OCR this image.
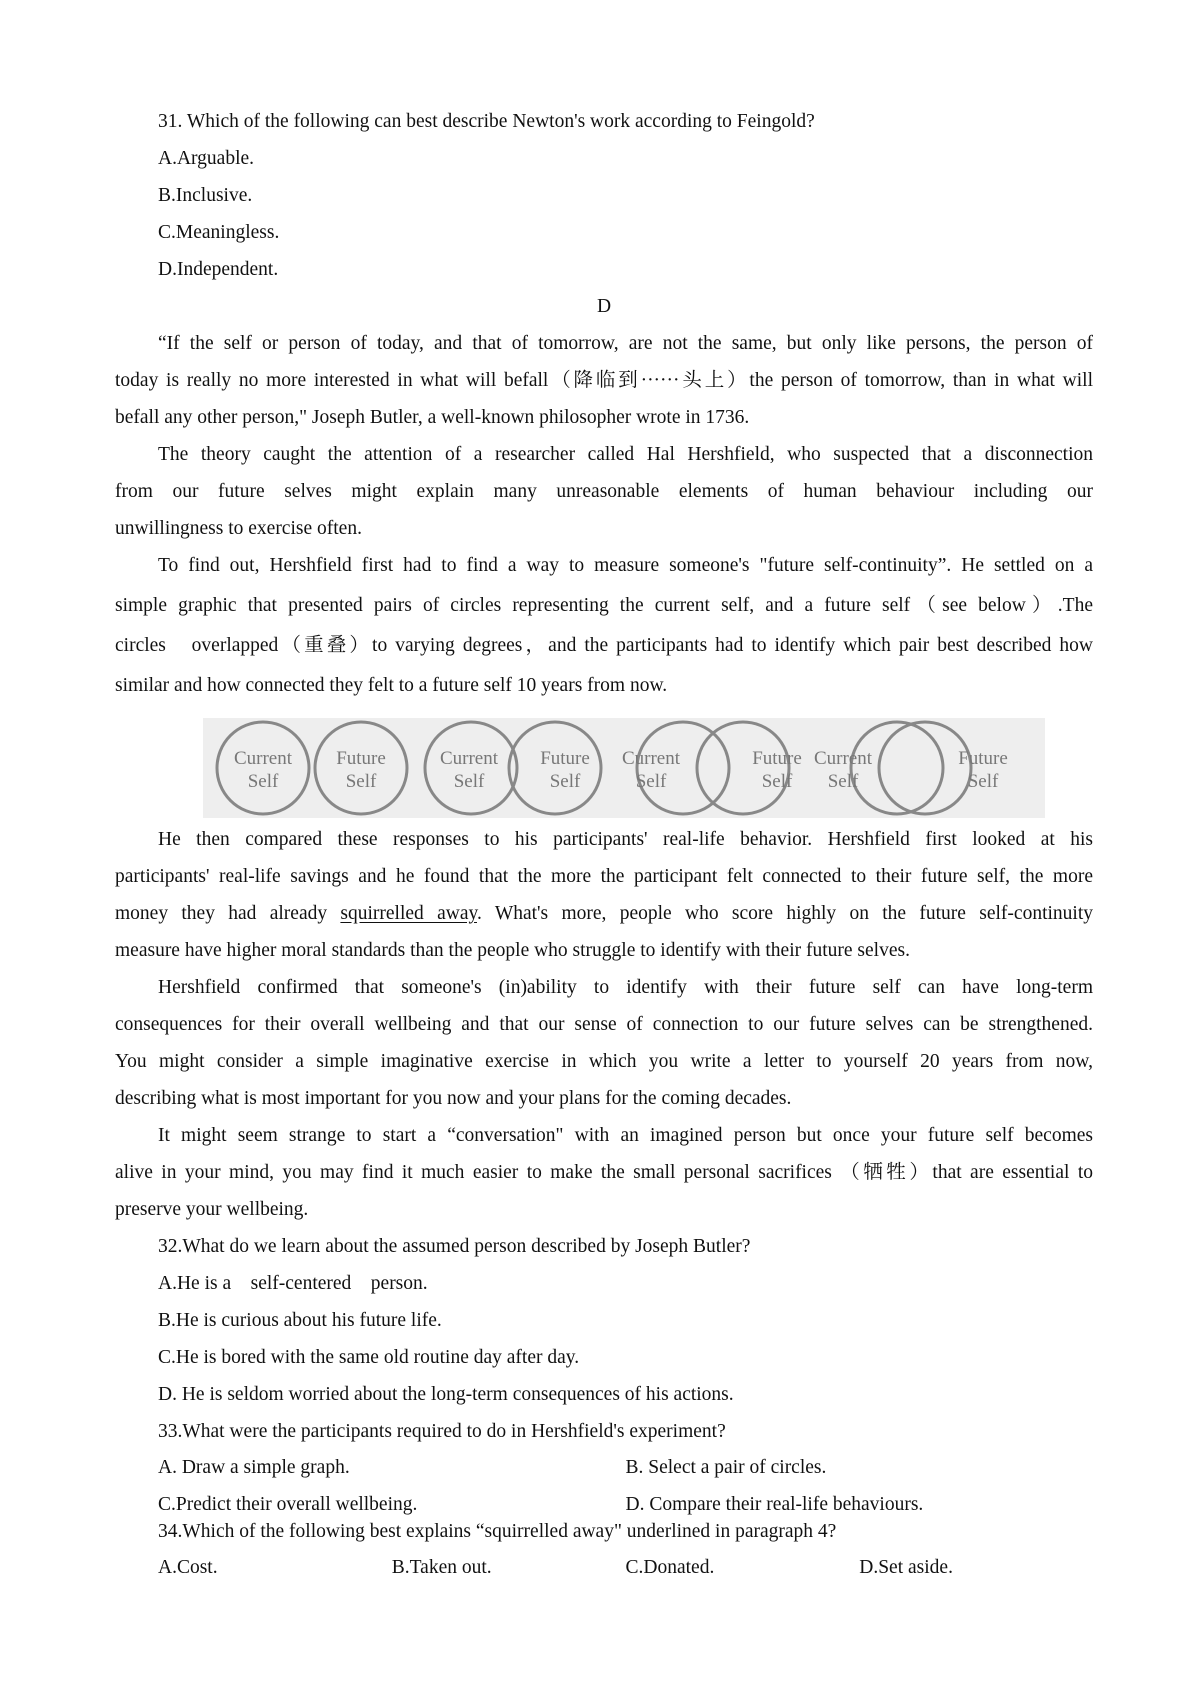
31. Which of the following can best describe Newton's work according to Feingold?

A.Arguable.

B.Inclusive.

C.Meaningless.

D.Independent.

D

“If the self or person of today, and that of tomorrow, are not the same, but only like persons, the person of

today is really no more interested in what will befall（降临到······头上）the person of tomorrow, than in what will

befall any other person," Joseph Butler, a well-known philosopher wrote in 1736.

The theory caught the attention of a researcher called Hal Hershfield, who suspected that a disconnection

from our future selves might explain many unreasonable elements of human behaviour including our

unwillingness to exercise often.

To find out, Hershfield first had to find a way to measure someone's "future self-continuity”. He settled on a

simple graphic that presented pairs of circles representing the current self, and a future self（see below）.The

circles　overlapped（重叠）to varying degrees，and the participants had to identify which pair best described how

similar and how connected they felt to a future self 10 years from now.

Current
Self
Future
Self
Current
Self
Future
Self
Current
Self
Future
Self
Current
Self
Future
Self

He then compared these responses to his participants' real-life behavior. Hershfield first looked at his

participants' real-life savings and he found that the more the participant felt connected to their future self, the more

money they had already squirrelled away. What's more, people who score highly on the future self-continuity

measure have higher moral standards than the people who struggle to identify with their future selves.

Hershfield confirmed that someone's (in)ability to identify with their future self can have long-term

consequences for their overall wellbeing and that our sense of connection to our future selves can be strengthened.

You might consider a simple imaginative exercise in which you write a letter to yourself 20 years from now,

describing what is most important for you now and your plans for the coming decades.

It might seem strange to start a “conversation" with an imagined person but once your future self becomes

alive in your mind, you may find it much easier to make the small personal sacrifices （牺牲）that are essential to

preserve your wellbeing.

32.What do we learn about the assumed person described by Joseph Butler?

A.He is a　self-centered　person.

B.He is curious about his future life.

C.He is bored with the same old routine day after day.

D. He is seldom worried about the long-term consequences of his actions.

33.What were the participants required to do in Hershfield's experiment?

A. Draw a simple graph.	B. Select a pair of circles.
C.Predict their overall wellbeing.	D. Compare their real-life behaviours.

34.Which of the following best explains “squirrelled away" underlined in paragraph 4?

A.Cost.	B.Taken out.	C.Donated.	D.Set aside.
